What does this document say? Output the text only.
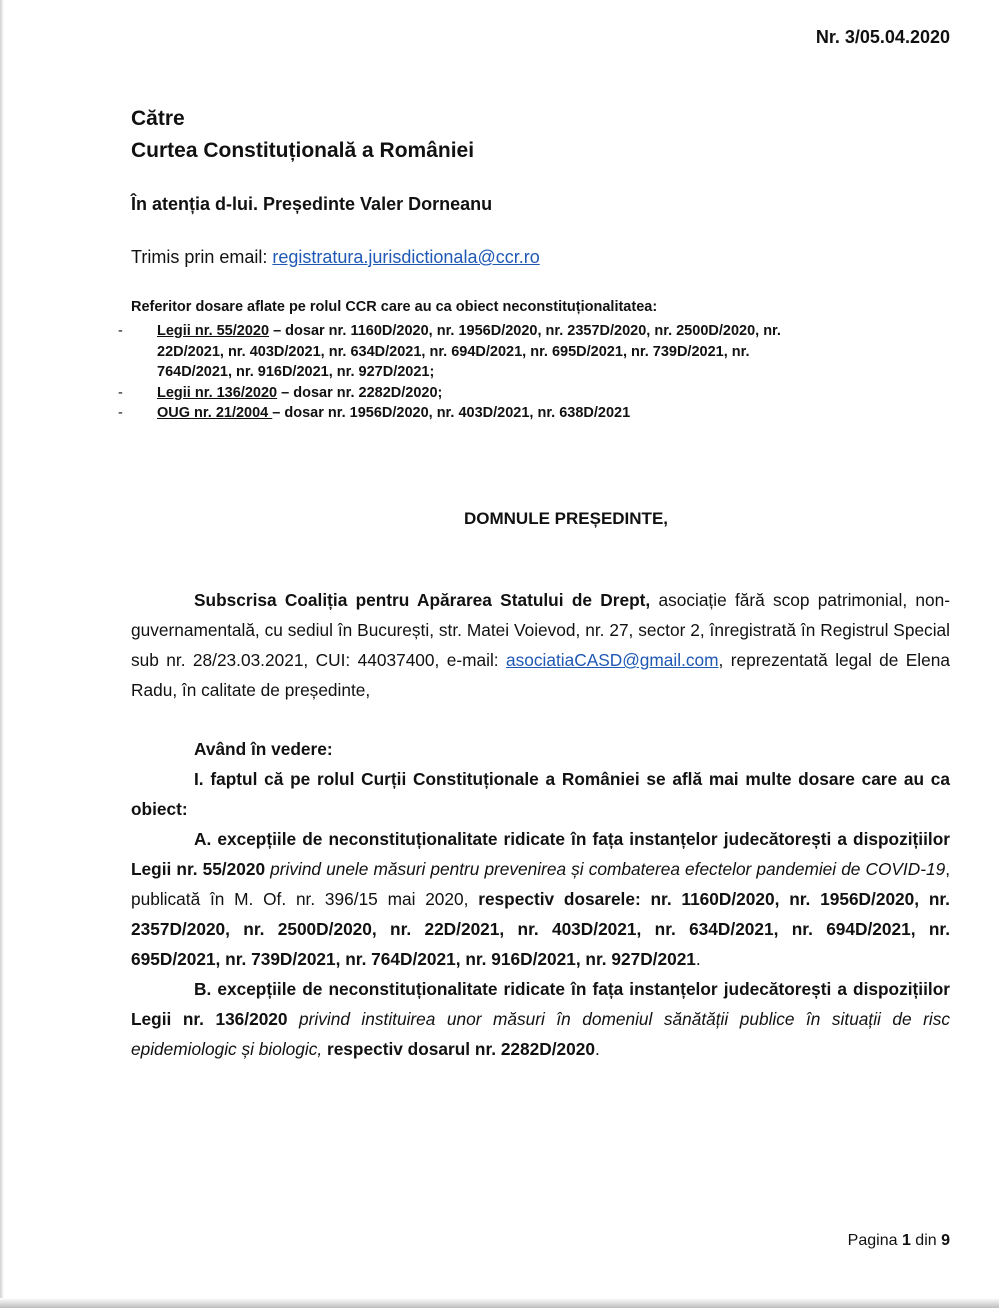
Nr. 3/05.04.2020
Către
Curtea Constituțională a României
În atenția d-lui. Președinte Valer Dorneanu
Trimis prin email: registratura.jurisdictionala@ccr.ro
Referitor dosare aflate pe rolul CCR care au ca obiect neconstituționalitatea:
-	Legii nr. 55/2020 – dosar nr. 1160D/2020, nr. 1956D/2020, nr. 2357D/2020, nr. 2500D/2020, nr. 22D/2021, nr. 403D/2021, nr. 634D/2021, nr. 694D/2021, nr. 695D/2021, nr. 739D/2021, nr. 764D/2021, nr. 916D/2021, nr. 927D/2021;
-	Legii nr. 136/2020 – dosar nr. 2282D/2020;
-	OUG nr. 21/2004 – dosar nr. 1956D/2020, nr. 403D/2021, nr. 638D/2021
DOMNULE PREȘEDINTE,

Subscrisa Coaliția pentru Apărarea Statului de Drept, asociație fără scop patrimonial, non-guvernamentală, cu sediul în București, str. Matei Voievod, nr. 27, sector 2, înregistrată în Registrul Special sub nr. 28/23.03.2021, CUI: 44037400, e-mail: asociatiaCASD@gmail.com, reprezentată legal de Elena Radu, în calitate de președinte,

Având în vedere:

I. faptul că pe rolul Curții Constituționale a României se află mai multe dosare care au ca obiect:

A. excepțiile de neconstituționalitate ridicate în fața instanțelor judecătorești a dispozițiilor Legii nr. 55/2020 privind unele măsuri pentru prevenirea și combaterea efectelor pandemiei de COVID-19, publicată în M. Of. nr. 396/15 mai 2020, respectiv dosarele: nr. 1160D/2020, nr. 1956D/2020, nr. 2357D/2020, nr. 2500D/2020, nr. 22D/2021, nr. 403D/2021, nr. 634D/2021, nr. 694D/2021, nr. 695D/2021, nr. 739D/2021, nr. 764D/2021, nr. 916D/2021, nr. 927D/2021.

B. excepțiile de neconstituționalitate ridicate în fața instanțelor judecătorești a dispozițiilor Legii nr. 136/2020 privind instituirea unor măsuri în domeniul sănătății publice în situații de risc epidemiologic și biologic, respectiv dosarul nr. 2282D/2020.

Pagina 1 din 9
